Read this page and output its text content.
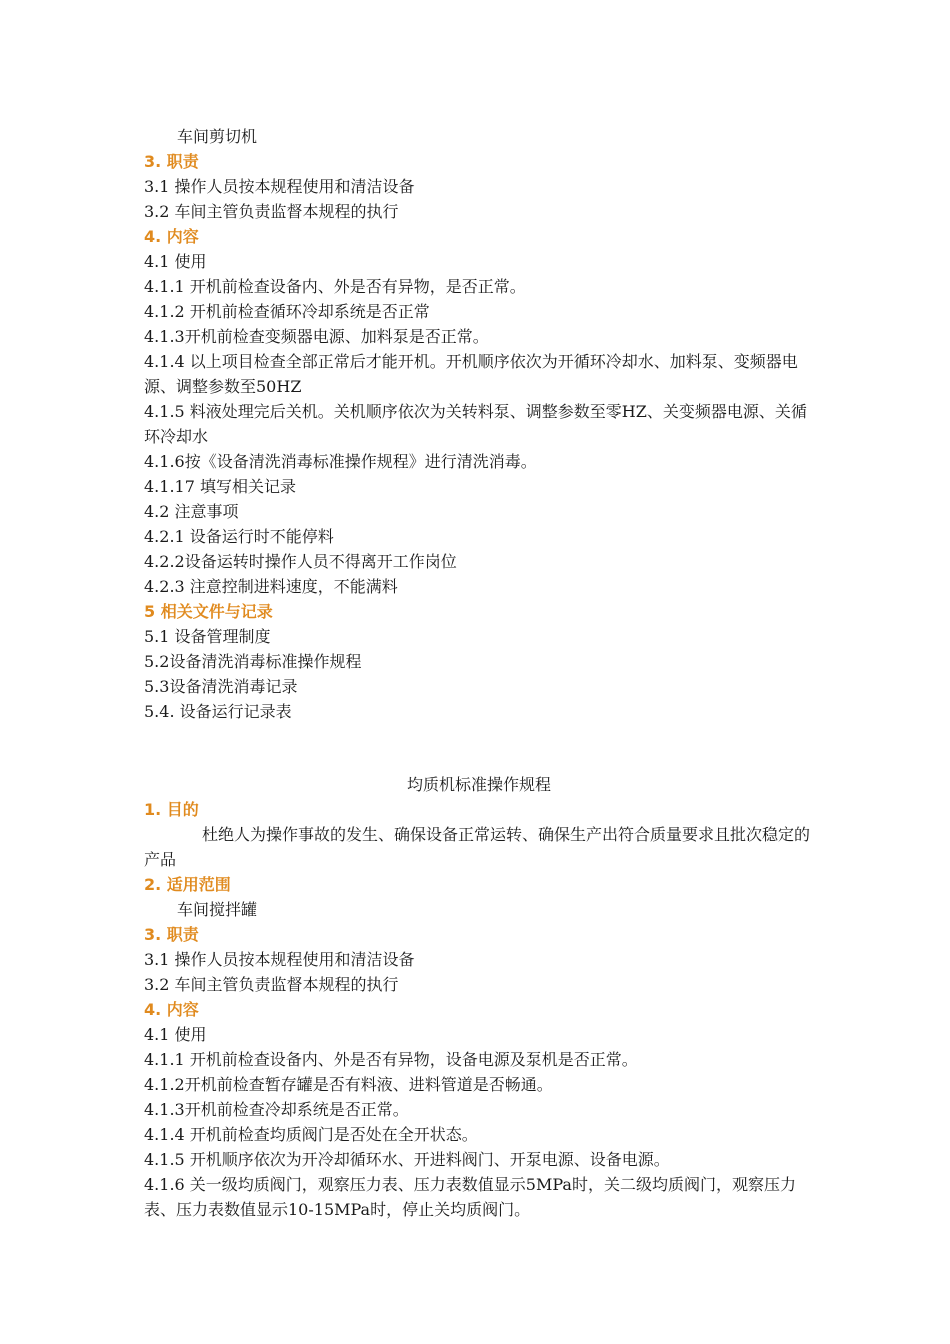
车间剪切机
3. 职责
3.1 操作人员按本规程使用和清洁设备
3.2 车间主管负责监督本规程的执行
4. 内容
4.1 使用
4.1.1 开机前检查设备内、外是否有异物，是否正常。
4.1.2 开机前检查循环冷却系统是否正常
4.1.3开机前检查变频器电源、加料泵是否正常。
4.1.4 以上项目检查全部正常后才能开机。开机顺序依次为开循环冷却水、加料泵、变频器电源、调整参数至50HZ
4.1.5 料液处理完后关机。关机顺序依次为关转料泵、调整参数至零HZ、关变频器电源、关循环冷却水
4.1.6按《设备清洗消毒标准操作规程》进行清洗消毒。
4.1.17 填写相关记录
4.2 注意事项
4.2.1 设备运行时不能停料
4.2.2设备运转时操作人员不得离开工作岗位
4.2.3 注意控制进料速度，不能满料
5 相关文件与记录
5.1 设备管理制度
5.2设备清洗消毒标准操作规程
5.3设备清洗消毒记录
5.4. 设备运行记录表
均质机标准操作规程
1. 目的
杜绝人为操作事故的发生、确保设备正常运转、确保生产出符合质量要求且批次稳定的产品
2. 适用范围
车间搅拌罐
3. 职责
3.1 操作人员按本规程使用和清洁设备
3.2 车间主管负责监督本规程的执行
4. 内容
4.1 使用
4.1.1 开机前检查设备内、外是否有异物，设备电源及泵机是否正常。
4.1.2开机前检查暂存罐是否有料液、进料管道是否畅通。
4.1.3开机前检查冷却系统是否正常。
4.1.4 开机前检查均质阀门是否处在全开状态。
4.1.5 开机顺序依次为开冷却循环水、开进料阀门、开泵电源、设备电源。
4.1.6 关一级均质阀门，观察压力表、压力表数值显示5MPa时，关二级均质阀门，观察压力表、压力表数值显示10-15MPa时，停止关均质阀门。
